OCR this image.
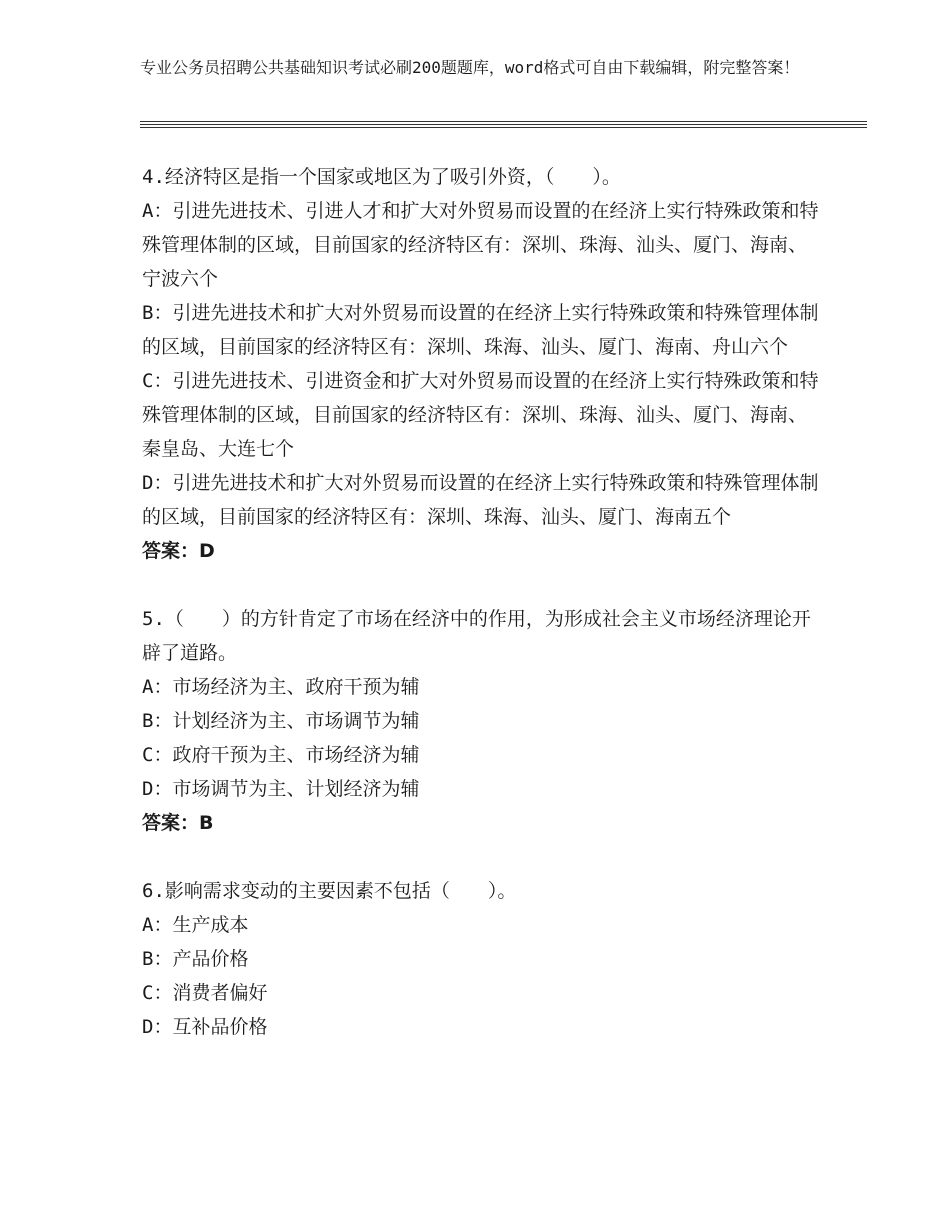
专业公务员招聘公共基础知识考试必刷200题题库，word格式可自由下载编辑，附完整答案！

4.经济特区是指一个国家或地区为了吸引外资，（　　）。

A：引进先进技术、引进人才和扩大对外贸易而设置的在经济上实行特殊政策和特殊管理体制的区域，目前国家的经济特区有：深圳、珠海、汕头、厦门、海南、宁波六个

B：引进先进技术和扩大对外贸易而设置的在经济上实行特殊政策和特殊管理体制的区域，目前国家的经济特区有：深圳、珠海、汕头、厦门、海南、舟山六个

C：引进先进技术、引进资金和扩大对外贸易而设置的在经济上实行特殊政策和特殊管理体制的区域，目前国家的经济特区有：深圳、珠海、汕头、厦门、海南、秦皇岛、大连七个

D：引进先进技术和扩大对外贸易而设置的在经济上实行特殊政策和特殊管理体制的区域，目前国家的经济特区有：深圳、珠海、汕头、厦门、海南五个

答案：D

5.（　　）的方针肯定了市场在经济中的作用，为形成社会主义市场经济理论开辟了道路。

A：市场经济为主、政府干预为辅

B：计划经济为主、市场调节为辅

C：政府干预为主、市场经济为辅

D：市场调节为主、计划经济为辅

答案：B

6.影响需求变动的主要因素不包括（　　）。

A：生产成本

B：产品价格

C：消费者偏好

D：互补品价格
